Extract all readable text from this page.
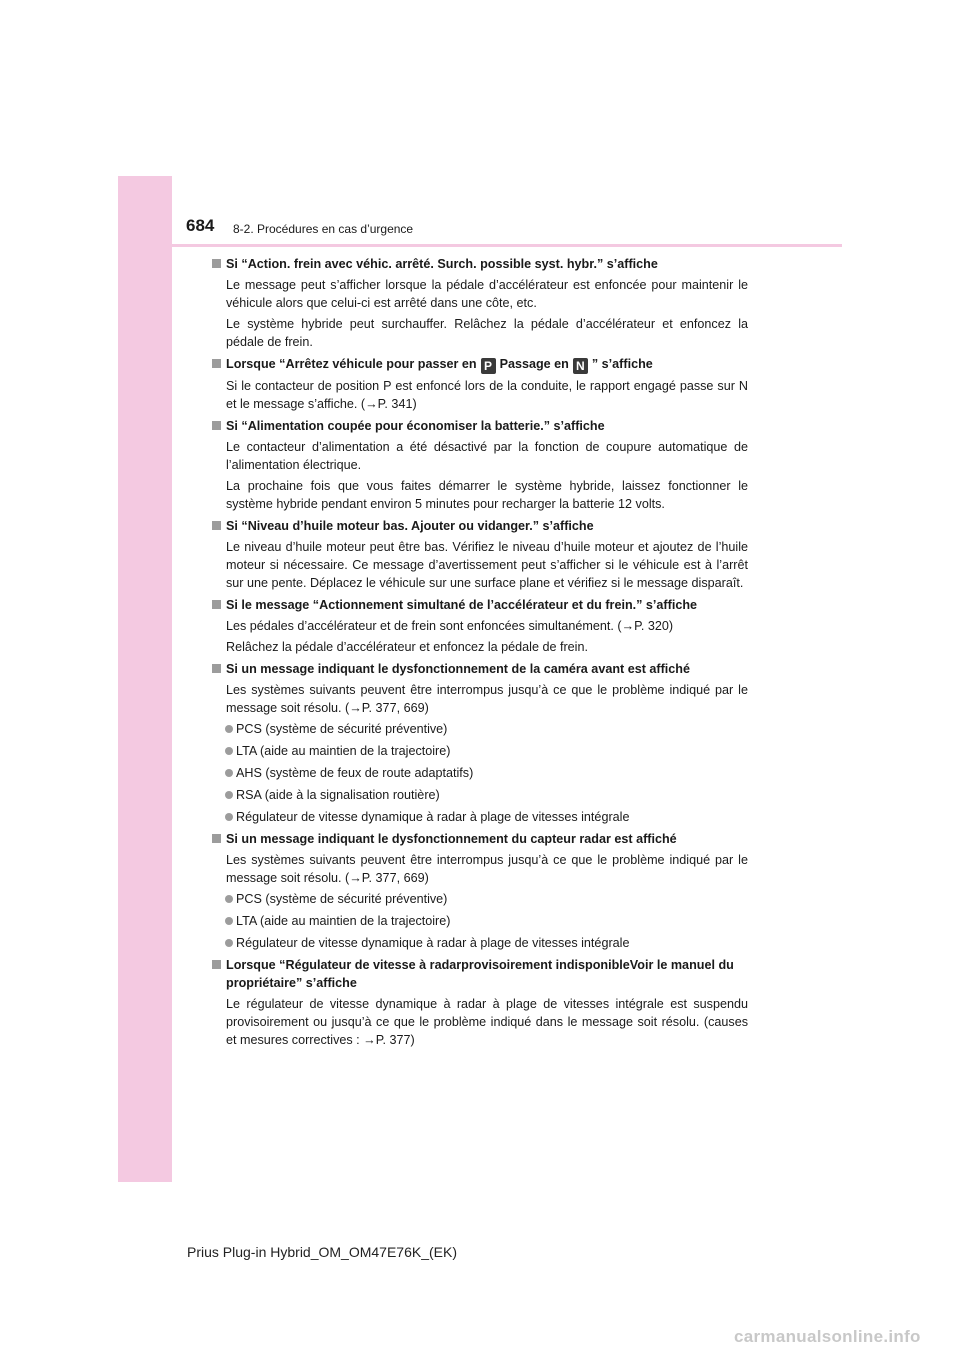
684 8-2. Procédures en cas d’urgence
Si “Action. frein avec véhic. arrêté. Surch. possible syst. hybr.” s’affiche
Le message peut s’afficher lorsque la pédale d’accélérateur est enfoncée pour maintenir le véhicule alors que celui-ci est arrêté dans une côte, etc.
Le système hybride peut surchauffer. Relâchez la pédale d’accélérateur et enfoncez la pédale de frein.
Lorsque “Arrêtez véhicule pour passer en P Passage en N ” s’affiche
Si le contacteur de position P est enfoncé lors de la conduite, le rapport engagé passe sur N et le message s’affiche. (→P. 341)
Si “Alimentation coupée pour économiser la batterie.” s’affiche
Le contacteur d’alimentation a été désactivé par la fonction de coupure automatique de l’alimentation électrique.
La prochaine fois que vous faites démarrer le système hybride, laissez fonctionner le système hybride pendant environ 5 minutes pour recharger la batterie 12 volts.
Si “Niveau d’huile moteur bas. Ajouter ou vidanger.” s’affiche
Le niveau d’huile moteur peut être bas. Vérifiez le niveau d’huile moteur et ajoutez de l’huile moteur si nécessaire. Ce message d’avertissement peut s’afficher si le véhicule est à l’arrêt sur une pente. Déplacez le véhicule sur une surface plane et vérifiez si le message disparaît.
Si le message “Actionnement simultané de l’accélérateur et du frein.” s’affiche
Les pédales d’accélérateur et de frein sont enfoncées simultanément. (→P. 320)
Relâchez la pédale d’accélérateur et enfoncez la pédale de frein.
Si un message indiquant le dysfonctionnement de la caméra avant est affiché
Les systèmes suivants peuvent être interrompus jusqu’à ce que le problème indiqué par le message soit résolu. (→P. 377, 669)
PCS (système de sécurité préventive)
LTA (aide au maintien de la trajectoire)
AHS (système de feux de route adaptatifs)
RSA (aide à la signalisation routière)
Régulateur de vitesse dynamique à radar à plage de vitesses intégrale
Si un message indiquant le dysfonctionnement du capteur radar est affiché
Les systèmes suivants peuvent être interrompus jusqu’à ce que le problème indiqué par le message soit résolu. (→P. 377, 669)
PCS (système de sécurité préventive)
LTA (aide au maintien de la trajectoire)
Régulateur de vitesse dynamique à radar à plage de vitesses intégrale
Lorsque “Régulateur de vitesse à radarprovisoirement indisponibleVoir le manuel du propriétaire” s’affiche
Le régulateur de vitesse dynamique à radar à plage de vitesses intégrale est suspendu provisoirement ou jusqu’à ce que le problème indiqué dans le message soit résolu. (causes et mesures correctives : →P. 377)
Prius Plug-in Hybrid_OM_OM47E76K_(EK)
carmanualsonline.info
